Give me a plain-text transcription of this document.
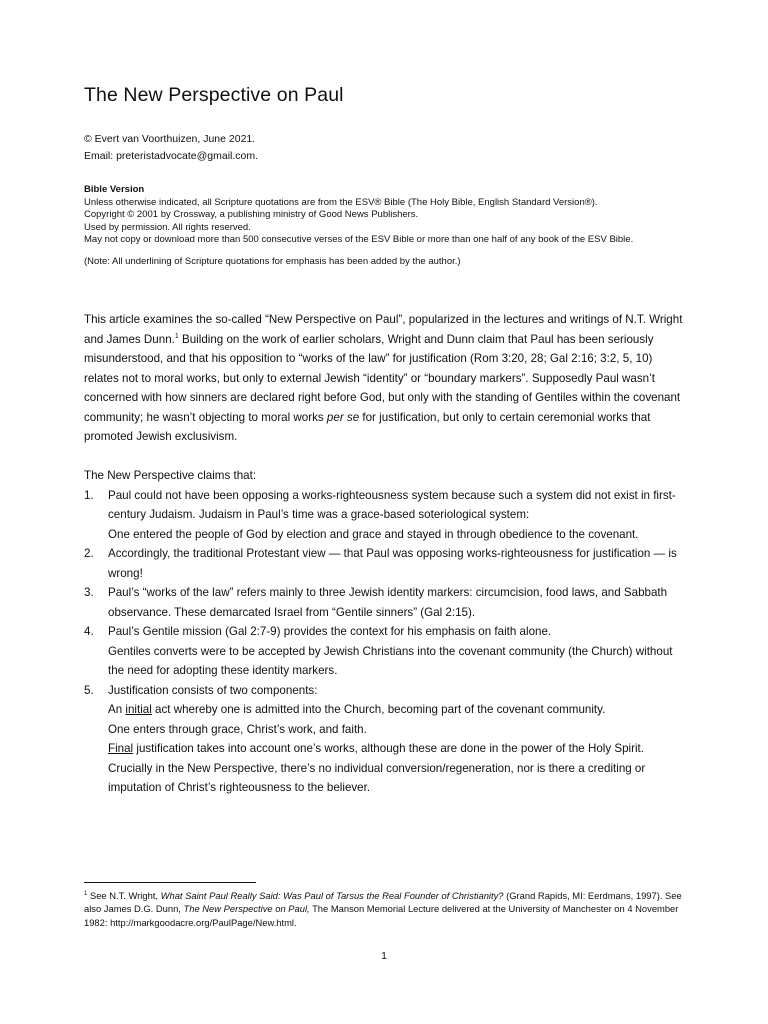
The New Perspective on Paul
© Evert van Voorthuizen, June 2021.
Email: preteristadvocate@gmail.com.
Bible Version
Unless otherwise indicated, all Scripture quotations are from the ESV® Bible (The Holy Bible, English Standard Version®).
Copyright © 2001 by Crossway, a publishing ministry of Good News Publishers.
Used by permission. All rights reserved.
May not copy or download more than 500 consecutive verses of the ESV Bible or more than one half of any book of the ESV Bible.
(Note: All underlining of Scripture quotations for emphasis has been added by the author.)

This article examines the so-called “New Perspective on Paul”, popularized in the lectures and writings of N.T. Wright and James Dunn.$^1$ Building on the work of earlier scholars, Wright and Dunn claim that Paul has been seriously misunderstood, and that his opposition to “works of the law” for justification (Rom 3:20, 28; Gal 2:16; 3:2, 5, 10) relates not to moral works, but only to external Jewish “identity” or “boundary markers”. Supposedly Paul wasn’t concerned with how sinners are declared right before God, but only with the standing of Gentiles within the covenant community; he wasn’t objecting to moral works per se for justification, but only to certain ceremonial works that promoted Jewish exclusivism.

The New Perspective claims that:

1.	Paul could not have been opposing a works-righteousness system because such a system did not exist in first-century Judaism. Judaism in Paul’s time was a grace-based soteriological system:
One entered the people of God by election and grace and stayed in through obedience to the covenant.
2.	Accordingly, the traditional Protestant view — that Paul was opposing works-righteousness for justification — is wrong!
3.	Paul’s “works of the law” refers mainly to three Jewish identity markers: circumcision, food laws, and Sabbath observance. These demarcated Israel from “Gentile sinners” (Gal 2:15).
4.	Paul’s Gentile mission (Gal 2:7-9) provides the context for his emphasis on faith alone.
Gentiles converts were to be accepted by Jewish Christians into the covenant community (the Church) without the need for adopting these identity markers.
5.	Justification consists of two components:
An initial act whereby one is admitted into the Church, becoming part of the covenant community.
One enters through grace, Christ’s work, and faith.
Final justification takes into account one’s works, although these are done in the power of the Holy Spirit.
Crucially in the New Perspective, there’s no individual conversion/regeneration, nor is there a crediting or imputation of Christ’s righteousness to the believer.
$^1$ See N.T. Wright, What Saint Paul Really Said: Was Paul of Tarsus the Real Founder of Christianity? (Grand Rapids, MI: Eerdmans, 1997). See also James D.G. Dunn, The New Perspective on Paul, The Manson Memorial Lecture delivered at the University of Manchester on 4 November 1982: http://markgoodacre.org/PaulPage/New.html.
1
